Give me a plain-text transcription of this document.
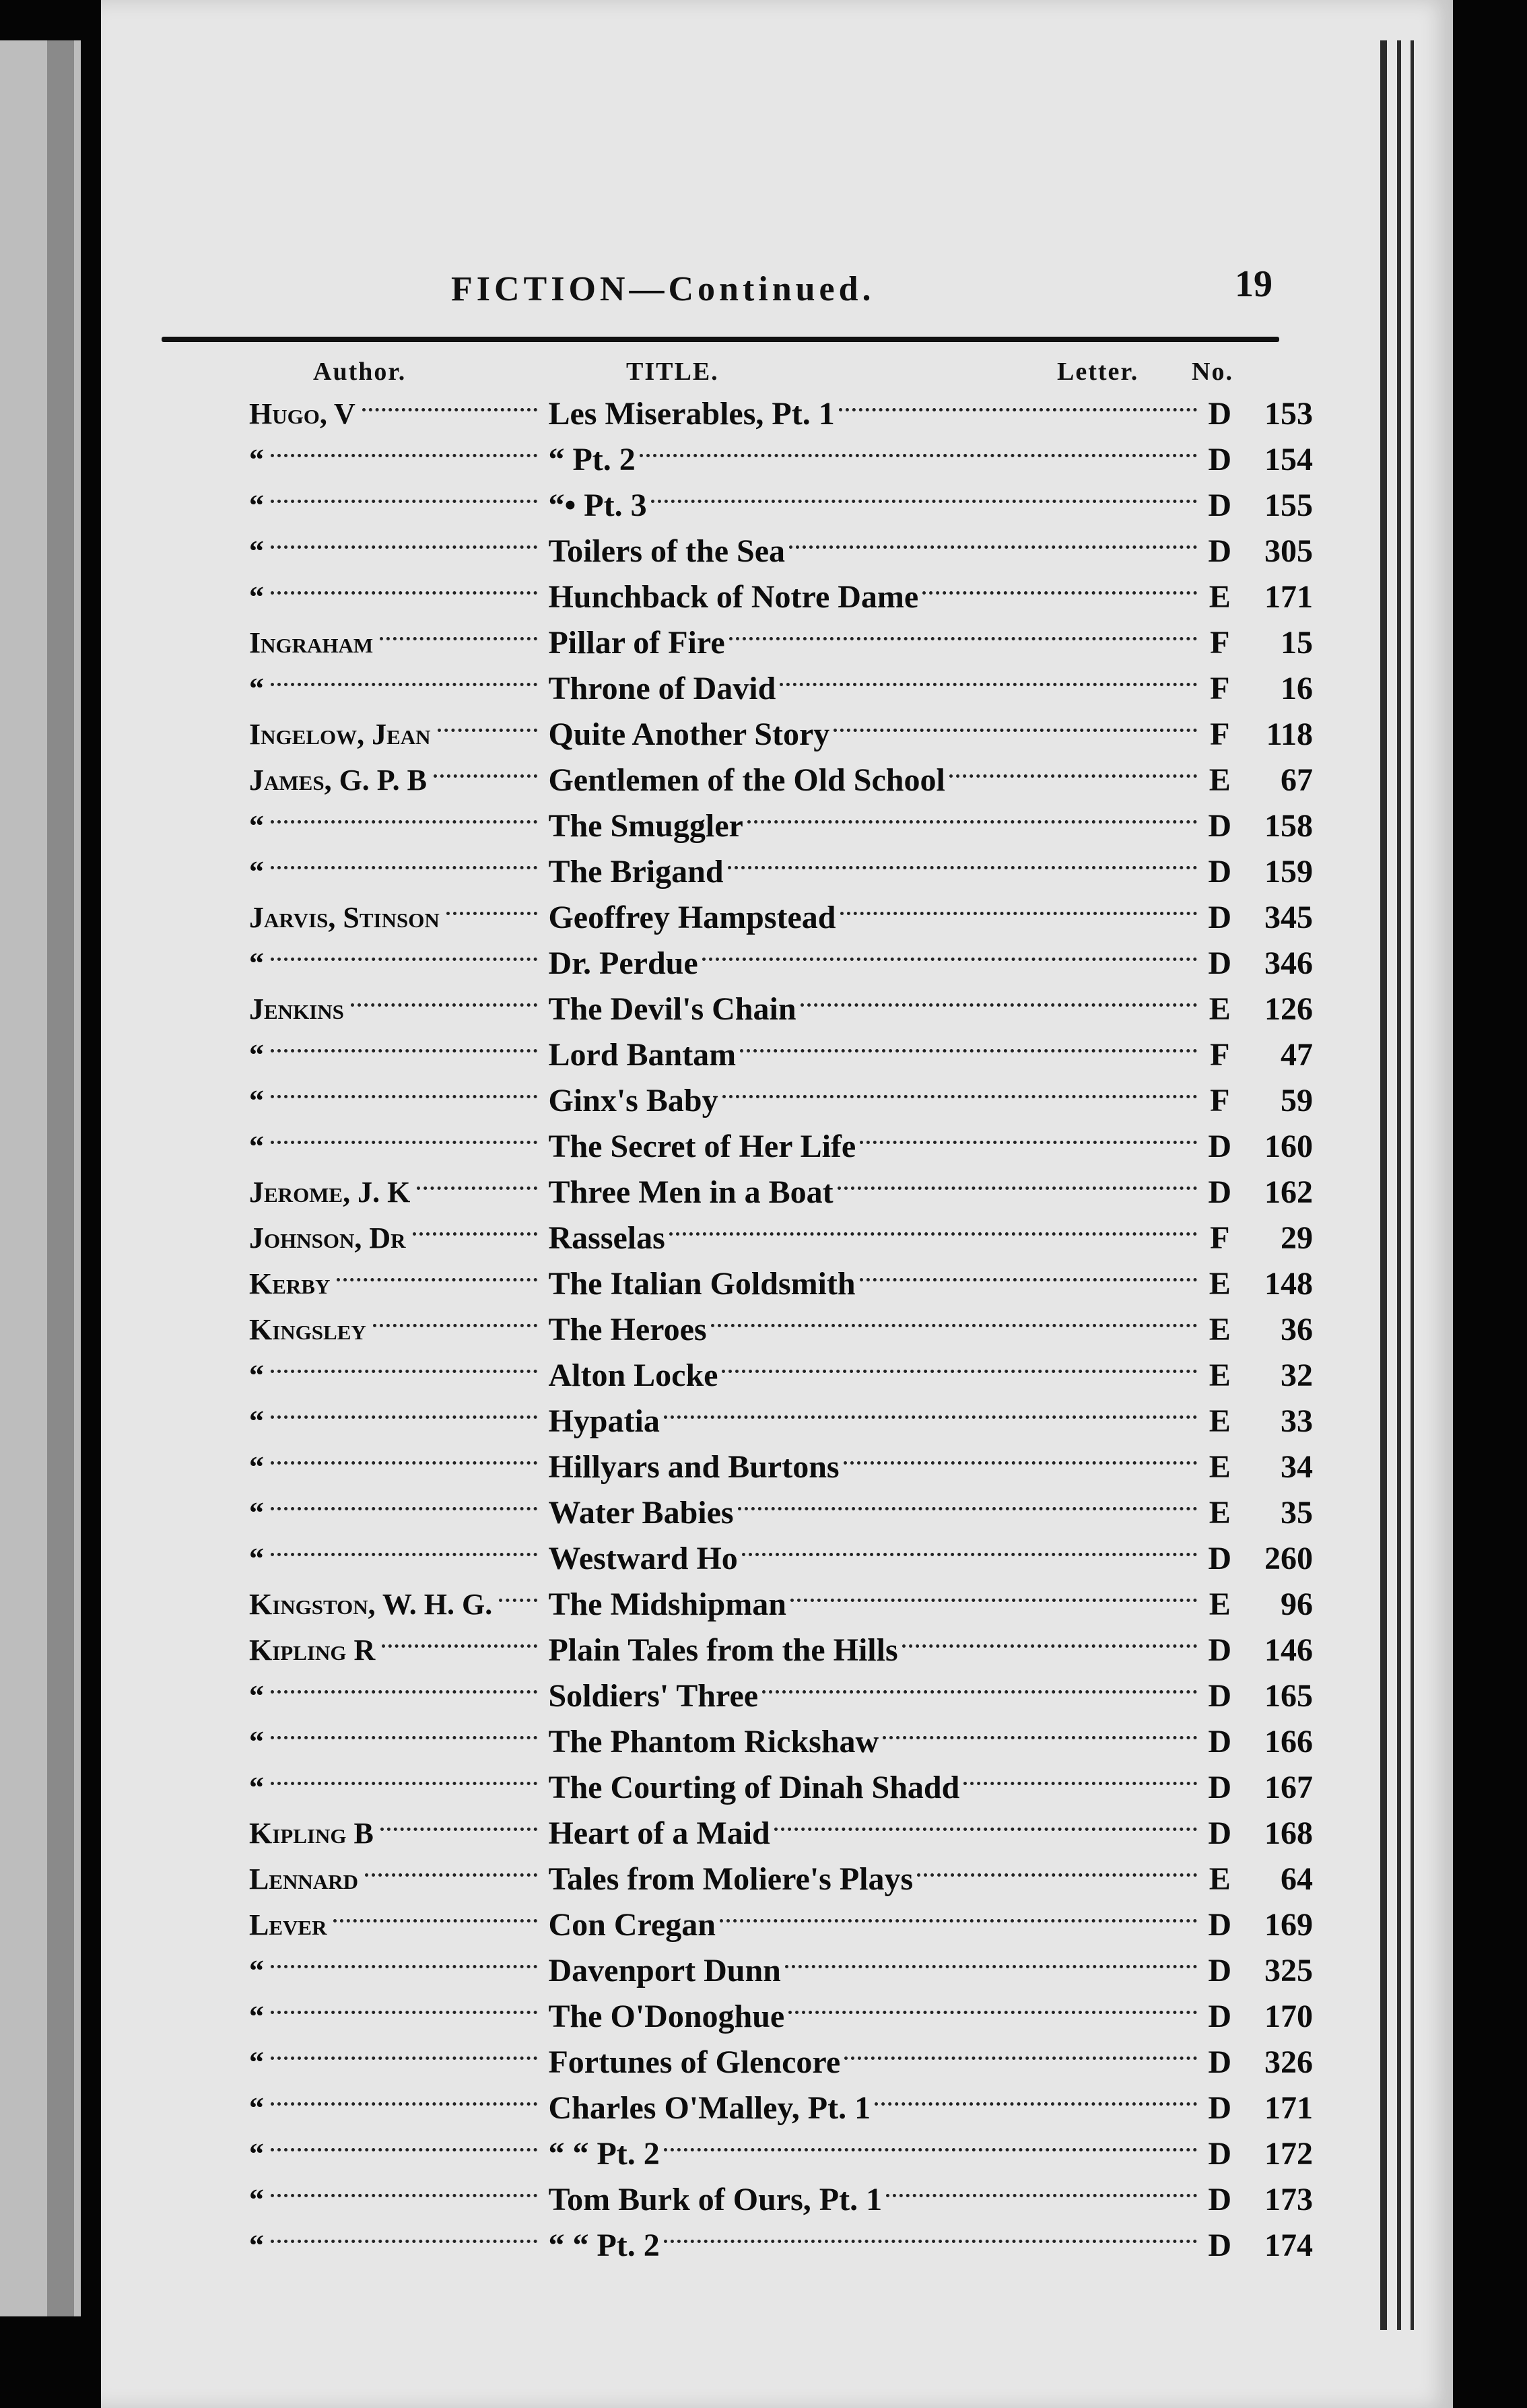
FICTION—Continued.	19
Author.	TITLE.	Letter. No.
Hugo, V	Les Miserables, Pt. 1	D	153
“	“ Pt. 2	D	154
“	“• Pt. 3	D	155
“	Toilers of the Sea	D	305
“	Hunchback of Notre Dame	E	171
Ingraham	Pillar of Fire	F	15
“	Throne of David	F	16
Ingelow, Jean	Quite Another Story	F	118
James, G. P. B	Gentlemen of the Old School	E	67
“	The Smuggler	D	158
“	The Brigand	D	159
Jarvis, Stinson	Geoffrey Hampstead	D	345
“	Dr. Perdue	D	346
Jenkins	The Devil's Chain	E	126
“	Lord Bantam	F	47
“	Ginx's Baby	F	59
“	The Secret of Her Life	D	160
Jerome, J. K	Three Men in a Boat	D	162
Johnson, Dr	Rasselas	F	29
Kerby	The Italian Goldsmith	E	148
Kingsley	The Heroes	E	36
“	Alton Locke	E	32
“	Hypatia	E	33
“	Hillyars and Burtons	E	34
“	Water Babies	E	35
“	Westward Ho	D	260
Kingston, W. H. G. The Midshipman	E	96
Kipling R	Plain Tales from the Hills	D	146
“	Soldiers' Three	D	165
“	The Phantom Rickshaw	D	166
“	The Courting of Dinah Shadd	D	167
Kipling B	Heart of a Maid	D	168
Lennard	Tales from Moliere's Plays	E	64
Lever	Con Cregan	D	169
“	Davenport Dunn	D	325
“	The O'Donoghue	D	170
“	Fortunes of Glencore	D	326
“	Charles O'Malley, Pt. 1	D	171
“	“ “ Pt. 2	D	172
“	Tom Burk of Ours, Pt. 1	D	173
“	“ “ Pt. 2	D	174
